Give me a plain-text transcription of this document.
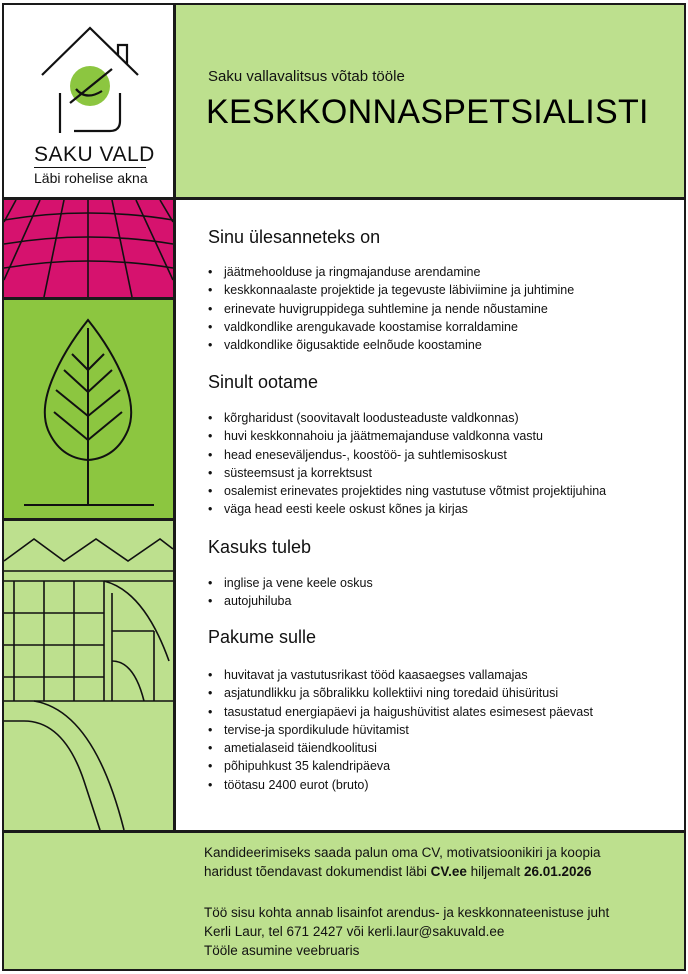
SAKU VALD
Läbi rohelise akna
Saku vallavalitsus võtab tööle
KESKKONNASPETSIALISTI
Sinu ülesanneteks on
• jäätmehoolduse ja ringmajanduse arendamine
• keskkonnaalaste projektide ja tegevuste läbiviimine ja juhtimine
• erinevate huvigruppidega suhtlemine ja nende nõustamine
• valdkondlike arengukavade koostamise korraldamine
• valdkondlike õigusaktide eelnõude koostamine
Sinult ootame
• kõrgharidust (soovitavalt loodusteaduste valdkonnas)
• huvi keskkonnahoiu ja jäätmemajanduse valdkonna vastu
• head eneseväljendus-, koostöö- ja suhtlemisoskust
• süsteemsust ja korrektsust
• osalemist erinevates projektides ning vastutuse võtmist projektijuhina
• väga head eesti keele oskust kõnes ja kirjas
Kasuks tuleb
• inglise ja vene keele oskus
• autojuhiluba
Pakume sulle
• huvitavat ja vastutusrikast tööd kaasaegses vallamajas
• asjatundlikku ja sõbralikku kollektiivi ning toredaid ühisüritusi
• tasustatud energiapäevi ja haigushüvitist alates esimesest päevast
• tervise-ja spordikulude hüvitamist
• ametialaseid täiendkoolitusi
• põhipuhkust 35 kalendripäeva
• töötasu 2400 eurot (bruto)
Kandideerimiseks saada palun oma CV, motivatsioonikiri ja koopia
haridust tõendavast dokumendist läbi CV.ee hiljemalt 26.01.2026
Töö sisu kohta annab lisainfot arendus- ja keskkonnateenistuse juht
Kerli Laur, tel 671 2427 või kerli.laur@sakuvald.ee
Tööle asumine veebruaris
